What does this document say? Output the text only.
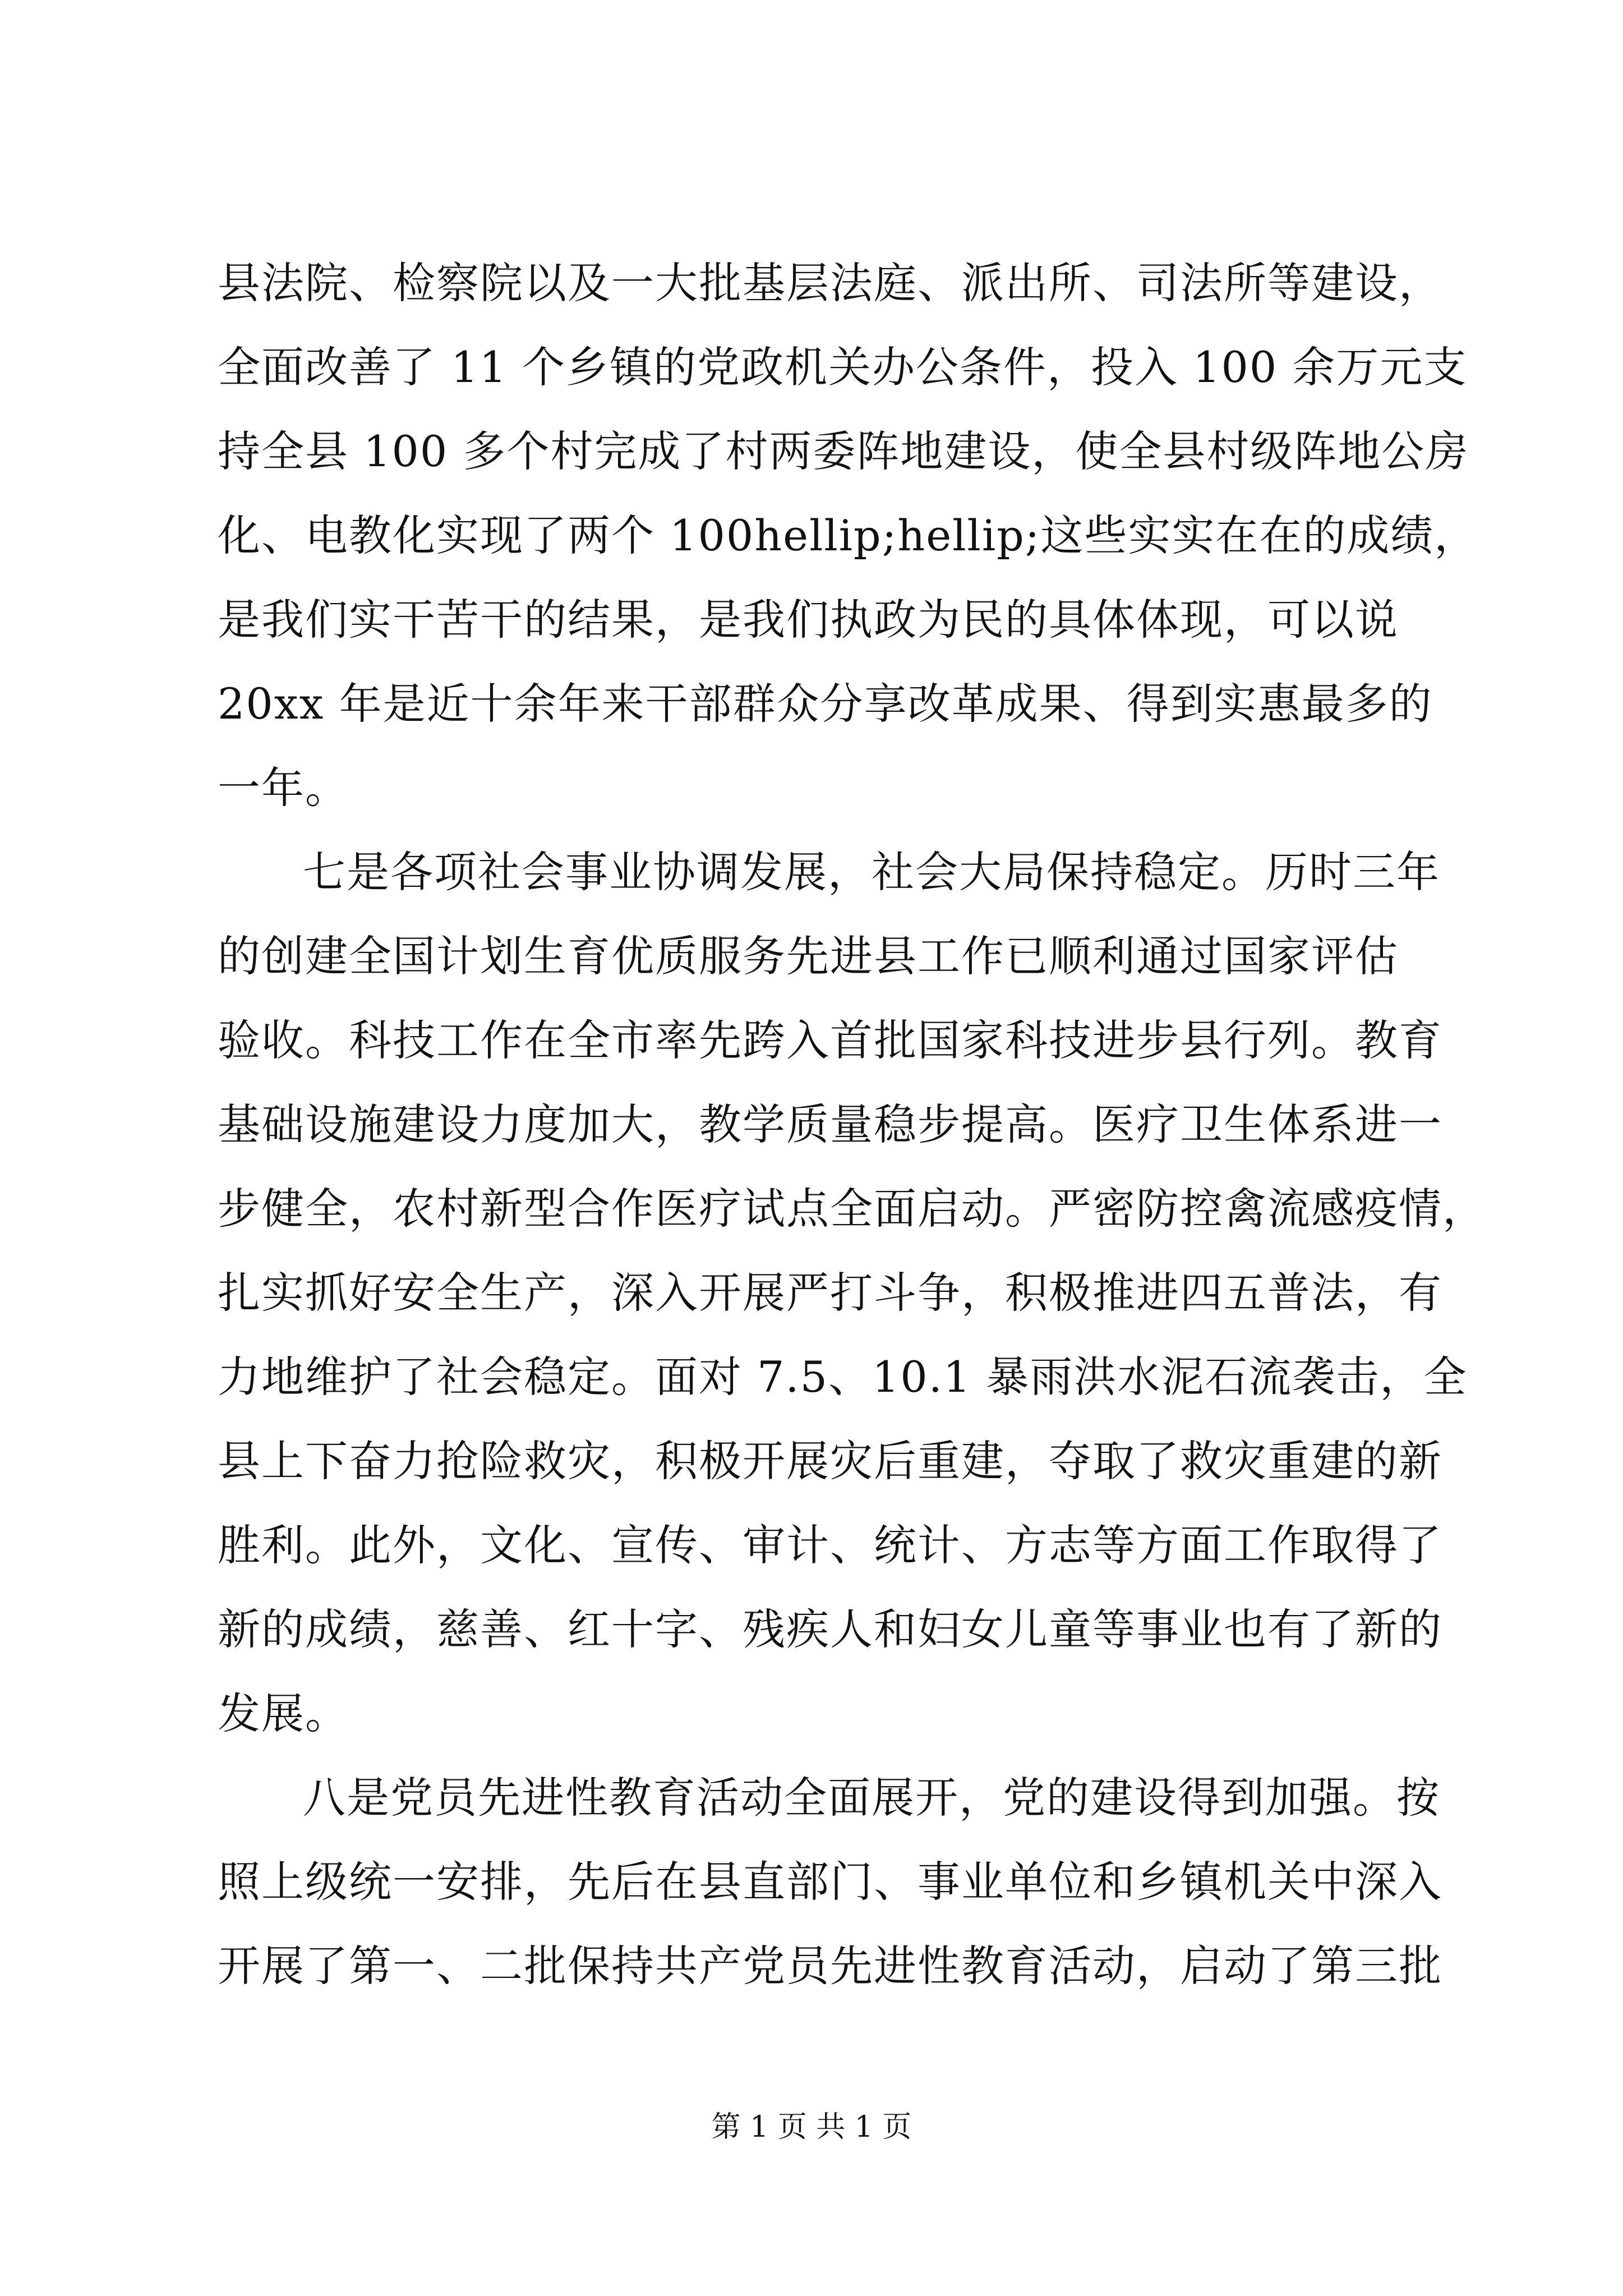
县法院、检察院以及一大批基层法庭、派出所、司法所等建设，
全面改善了 11 个乡镇的党政机关办公条件，投入 100 余万元支
持全县 100 多个村完成了村两委阵地建设，使全县村级阵地公房
化、电教化实现了两个 100hellip;hellip;这些实实在在的成绩，
是我们实干苦干的结果，是我们执政为民的具体体现，可以说
20xx 年是近十余年来干部群众分享改革成果、得到实惠最多的
一年。
七是各项社会事业协调发展，社会大局保持稳定。历时三年
的创建全国计划生育优质服务先进县工作已顺利通过国家评估
验收。科技工作在全市率先跨入首批国家科技进步县行列。教育
基础设施建设力度加大，教学质量稳步提高。医疗卫生体系进一
步健全，农村新型合作医疗试点全面启动。严密防控禽流感疫情，
扎实抓好安全生产，深入开展严打斗争，积极推进四五普法，有
力地维护了社会稳定。面对 7.5、10.1 暴雨洪水泥石流袭击，全
县上下奋力抢险救灾，积极开展灾后重建，夺取了救灾重建的新
胜利。此外，文化、宣传、审计、统计、方志等方面工作取得了
新的成绩，慈善、红十字、残疾人和妇女儿童等事业也有了新的
发展。
八是党员先进性教育活动全面展开，党的建设得到加强。按
照上级统一安排，先后在县直部门、事业单位和乡镇机关中深入
开展了第一、二批保持共产党员先进性教育活动，启动了第三批
第 1 页 共 1 页
